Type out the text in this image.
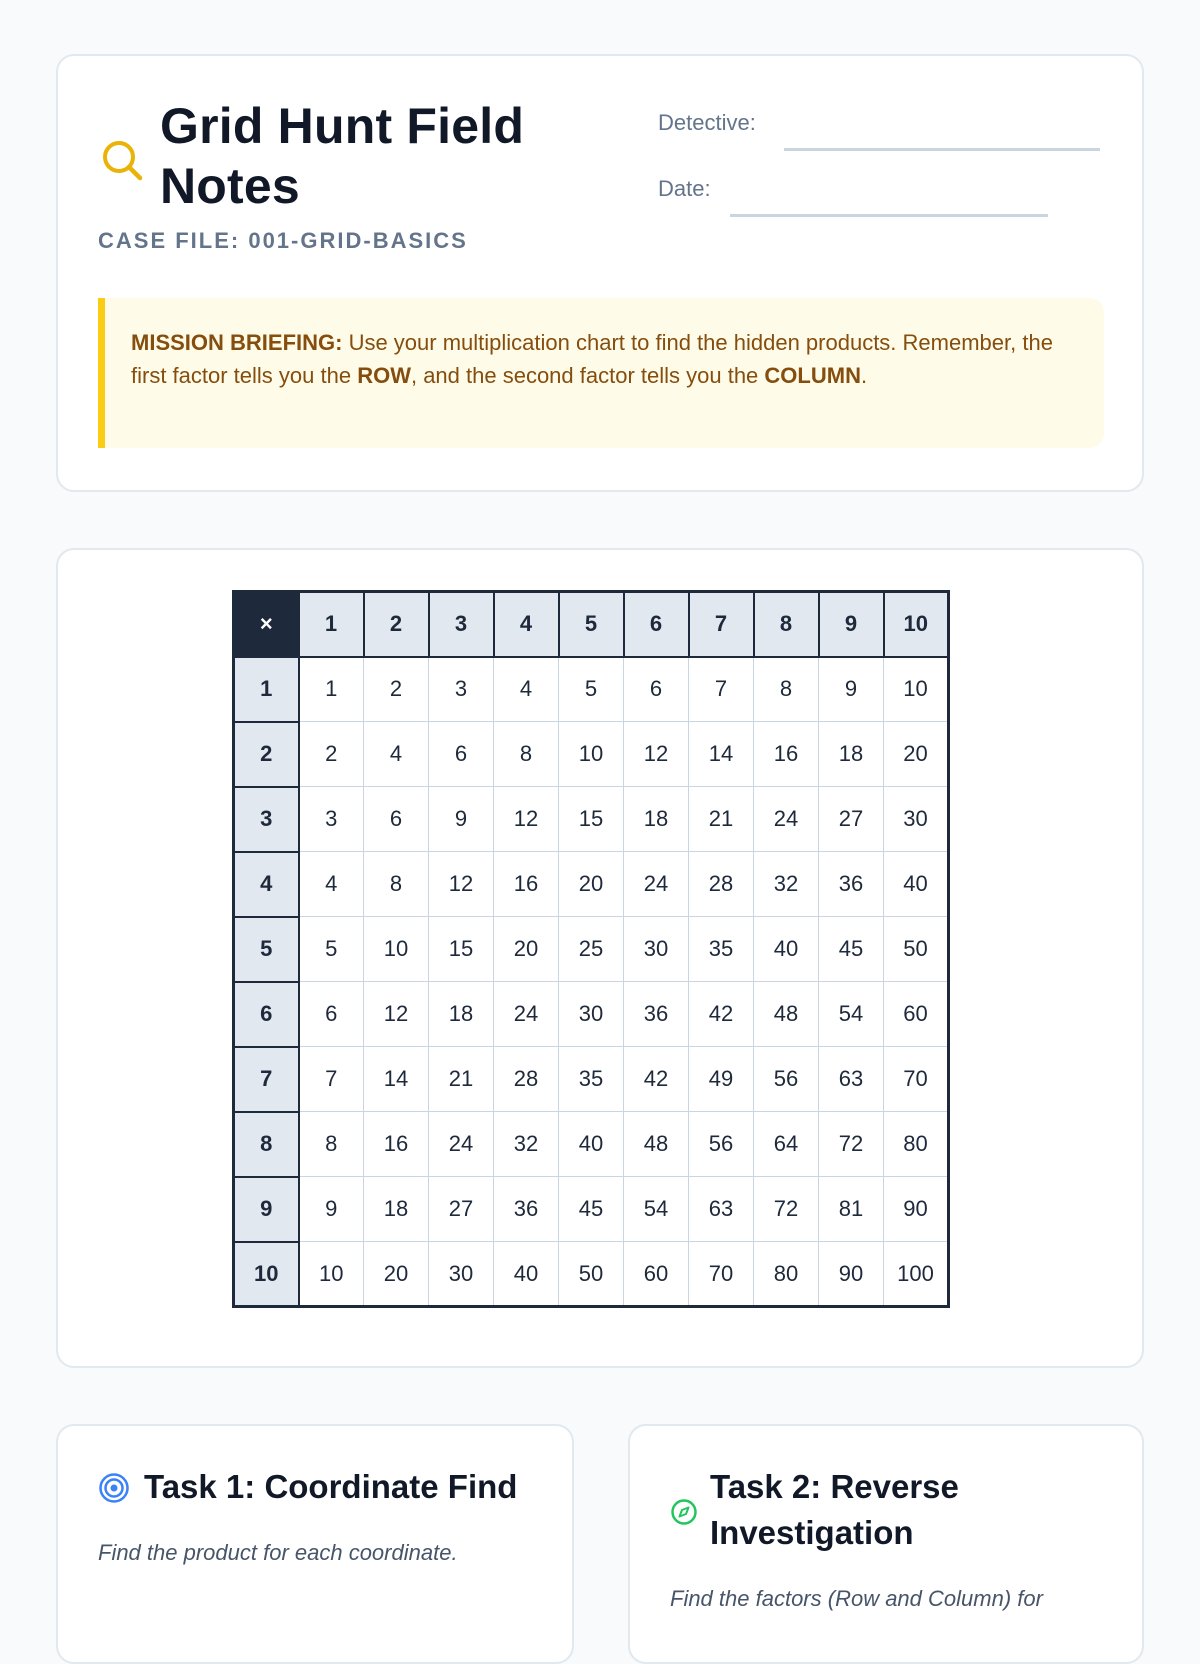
Grid Hunt Field Notes
CASE FILE: 001-GRID-BASICS
Detective:
Date:
MISSION BRIEFING: Use your multiplication chart to find the hidden products. Remember, the first factor tells you the ROW, and the second factor tells you the COLUMN.
×	1	2	3	4	5	6	7	8	9	10
1	1	2	3	4	5	6	7	8	9	10
2	2	4	6	8	10	12	14	16	18	20
3	3	6	9	12	15	18	21	24	27	30
4	4	8	12	16	20	24	28	32	36	40
5	5	10	15	20	25	30	35	40	45	50
6	6	12	18	24	30	36	42	48	54	60
7	7	14	21	28	35	42	49	56	63	70
8	8	16	24	32	40	48	56	64	72	80
9	9	18	27	36	45	54	63	72	81	90
10	10	20	30	40	50	60	70	80	90	100
Task 1: Coordinate Find
Find the product for each coordinate.
Task 2: Reverse
Investigation
Find the factors (Row and Column) for
